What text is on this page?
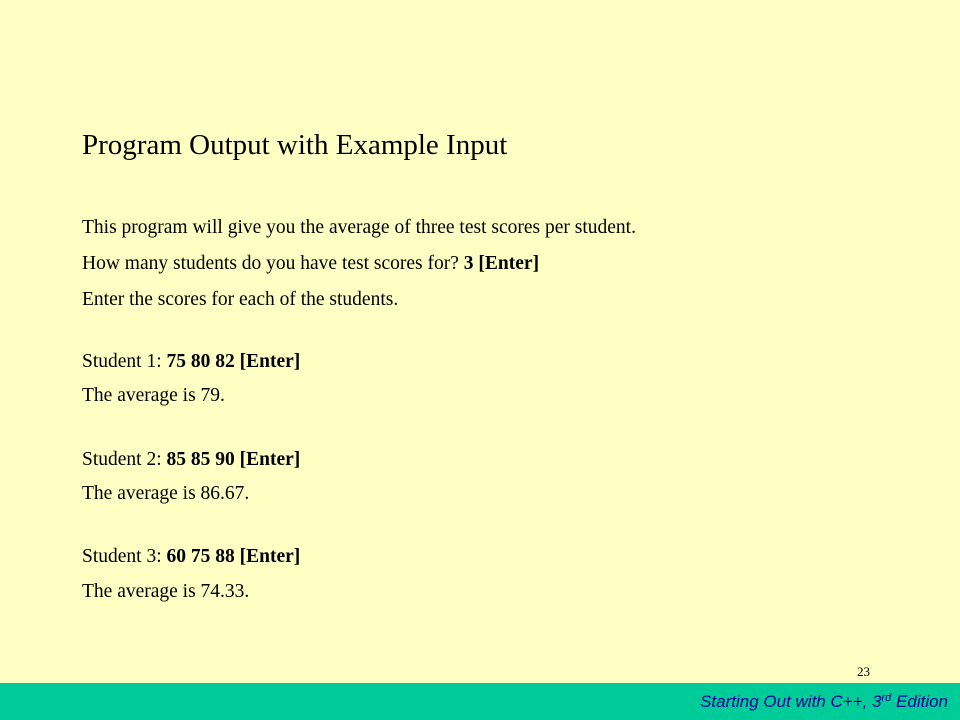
Program Output with Example Input
This program will give you the average of three test scores per student.
How many students do you have test scores for? 3 [Enter]
Enter the scores for each of the students.
Student 1: 75 80 82 [Enter]
The average is 79.
Student 2: 85 85 90 [Enter]
The average is 86.67.
Student 3: 60 75 88 [Enter]
The average is 74.33.
23
Starting Out with C++, 3rd Edition
